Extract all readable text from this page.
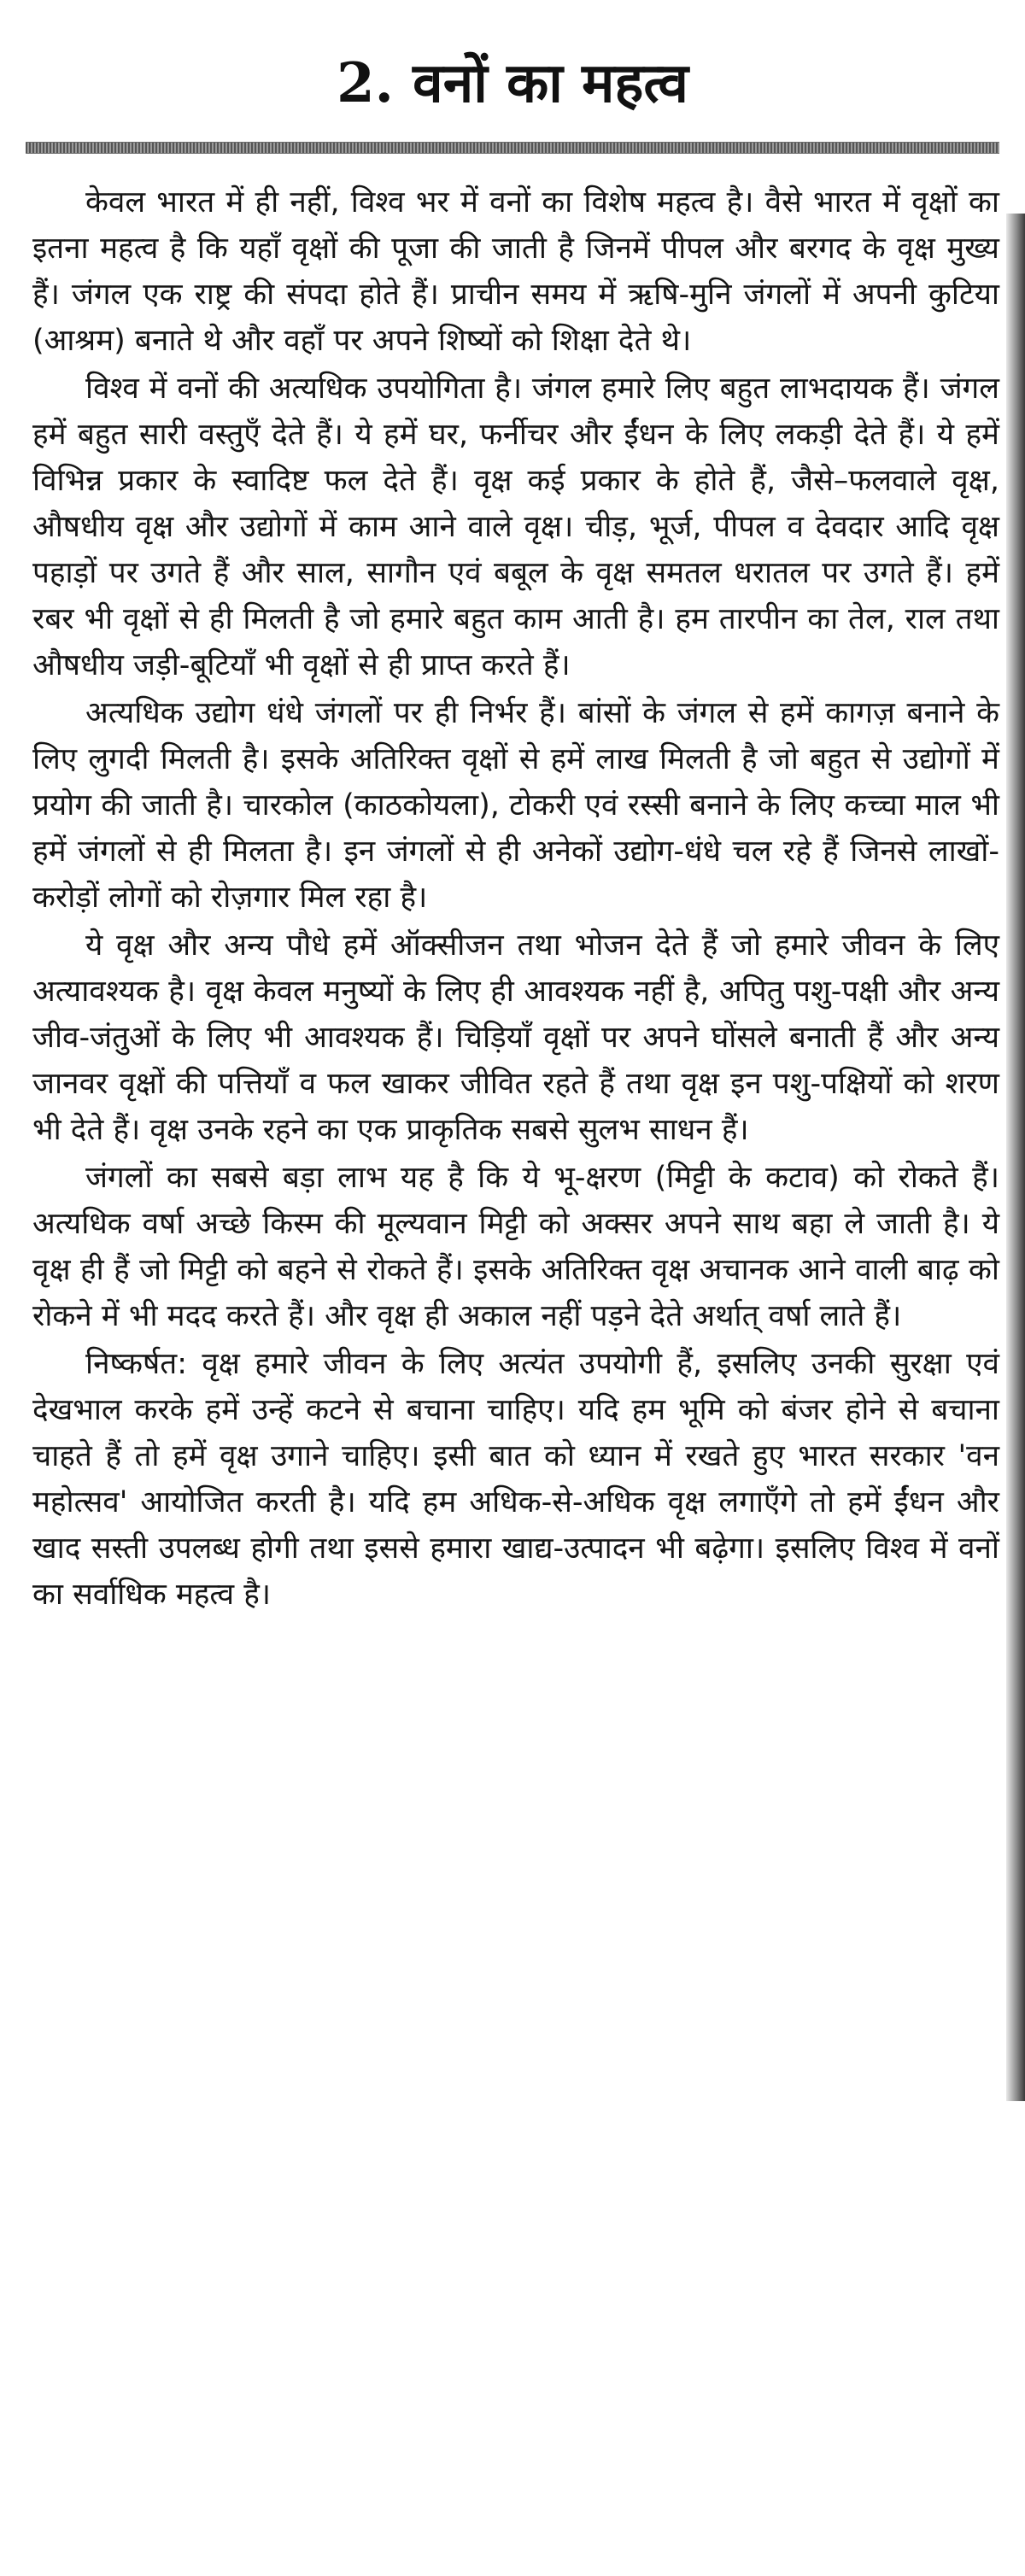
2. वनों का महत्व

केवल भारत में ही नहीं, विश्व भर में वनों का विशेष महत्व है। वैसे भारत में वृक्षों का इतना महत्व है कि यहाँ वृक्षों की पूजा की जाती है जिनमें पीपल और बरगद के वृक्ष मुख्य हैं। जंगल एक राष्ट्र की संपदा होते हैं। प्राचीन समय में ऋषि-मुनि जंगलों में अपनी कुटिया (आश्रम) बनाते थे और वहाँ पर अपने शिष्यों को शिक्षा देते थे।

विश्व में वनों की अत्यधिक उपयोगिता है। जंगल हमारे लिए बहुत लाभदायक हैं। जंगल हमें बहुत सारी वस्तुएँ देते हैं। ये हमें घर, फर्नीचर और ईंधन के लिए लकड़ी देते हैं। ये हमें विभिन्न प्रकार के स्वादिष्ट फल देते हैं। वृक्ष कई प्रकार के होते हैं, जैसे–फलवाले वृक्ष, औषधीय वृक्ष और उद्योगों में काम आने वाले वृक्ष। चीड़, भूर्ज, पीपल व देवदार आदि वृक्ष पहाड़ों पर उगते हैं और साल, सागौन एवं बबूल के वृक्ष समतल धरातल पर उगते हैं। हमें रबर भी वृक्षों से ही मिलती है जो हमारे बहुत काम आती है। हम तारपीन का तेल, राल तथा औषधीय जड़ी-बूटियाँ भी वृक्षों से ही प्राप्त करते हैं।

अत्यधिक उद्योग धंधे जंगलों पर ही निर्भर हैं। बांसों के जंगल से हमें कागज़ बनाने के लिए लुगदी मिलती है। इसके अतिरिक्त वृक्षों से हमें लाख मिलती है जो बहुत से उद्योगों में प्रयोग की जाती है। चारकोल (काठकोयला), टोकरी एवं रस्सी बनाने के लिए कच्चा माल भी हमें जंगलों से ही मिलता है। इन जंगलों से ही अनेकों उद्योग-धंधे चल रहे हैं जिनसे लाखों-करोड़ों लोगों को रोज़गार मिल रहा है।

ये वृक्ष और अन्य पौधे हमें ऑक्सीजन तथा भोजन देते हैं जो हमारे जीवन के लिए अत्यावश्यक है। वृक्ष केवल मनुष्यों के लिए ही आवश्यक नहीं है, अपितु पशु-पक्षी और अन्य जीव-जंतुओं के लिए भी आवश्यक हैं। चिड़ियाँ वृक्षों पर अपने घोंसले बनाती हैं और अन्य जानवर वृक्षों की पत्तियाँ व फल खाकर जीवित रहते हैं तथा वृक्ष इन पशु-पक्षियों को शरण भी देते हैं। वृक्ष उनके रहने का एक प्राकृतिक सबसे सुलभ साधन हैं।

जंगलों का सबसे बड़ा लाभ यह है कि ये भू-क्षरण (मिट्टी के कटाव) को रोकते हैं। अत्यधिक वर्षा अच्छे किस्म की मूल्यवान मिट्टी को अक्सर अपने साथ बहा ले जाती है। ये वृक्ष ही हैं जो मिट्टी को बहने से रोकते हैं। इसके अतिरिक्त वृक्ष अचानक आने वाली बाढ़ को रोकने में भी मदद करते हैं। और वृक्ष ही अकाल नहीं पड़ने देते अर्थात् वर्षा लाते हैं।

निष्कर्षत: वृक्ष हमारे जीवन के लिए अत्यंत उपयोगी हैं, इसलिए उनकी सुरक्षा एवं देखभाल करके हमें उन्हें कटने से बचाना चाहिए। यदि हम भूमि को बंजर होने से बचाना चाहते हैं तो हमें वृक्ष उगाने चाहिए। इसी बात को ध्यान में रखते हुए भारत सरकार 'वन महोत्सव' आयोजित करती है। यदि हम अधिक-से-अधिक वृक्ष लगाएँगे तो हमें ईंधन और खाद सस्ती उपलब्ध होगी तथा इससे हमारा खाद्य-उत्पादन भी बढ़ेगा। इसलिए विश्व में वनों का सर्वाधिक महत्व है।
